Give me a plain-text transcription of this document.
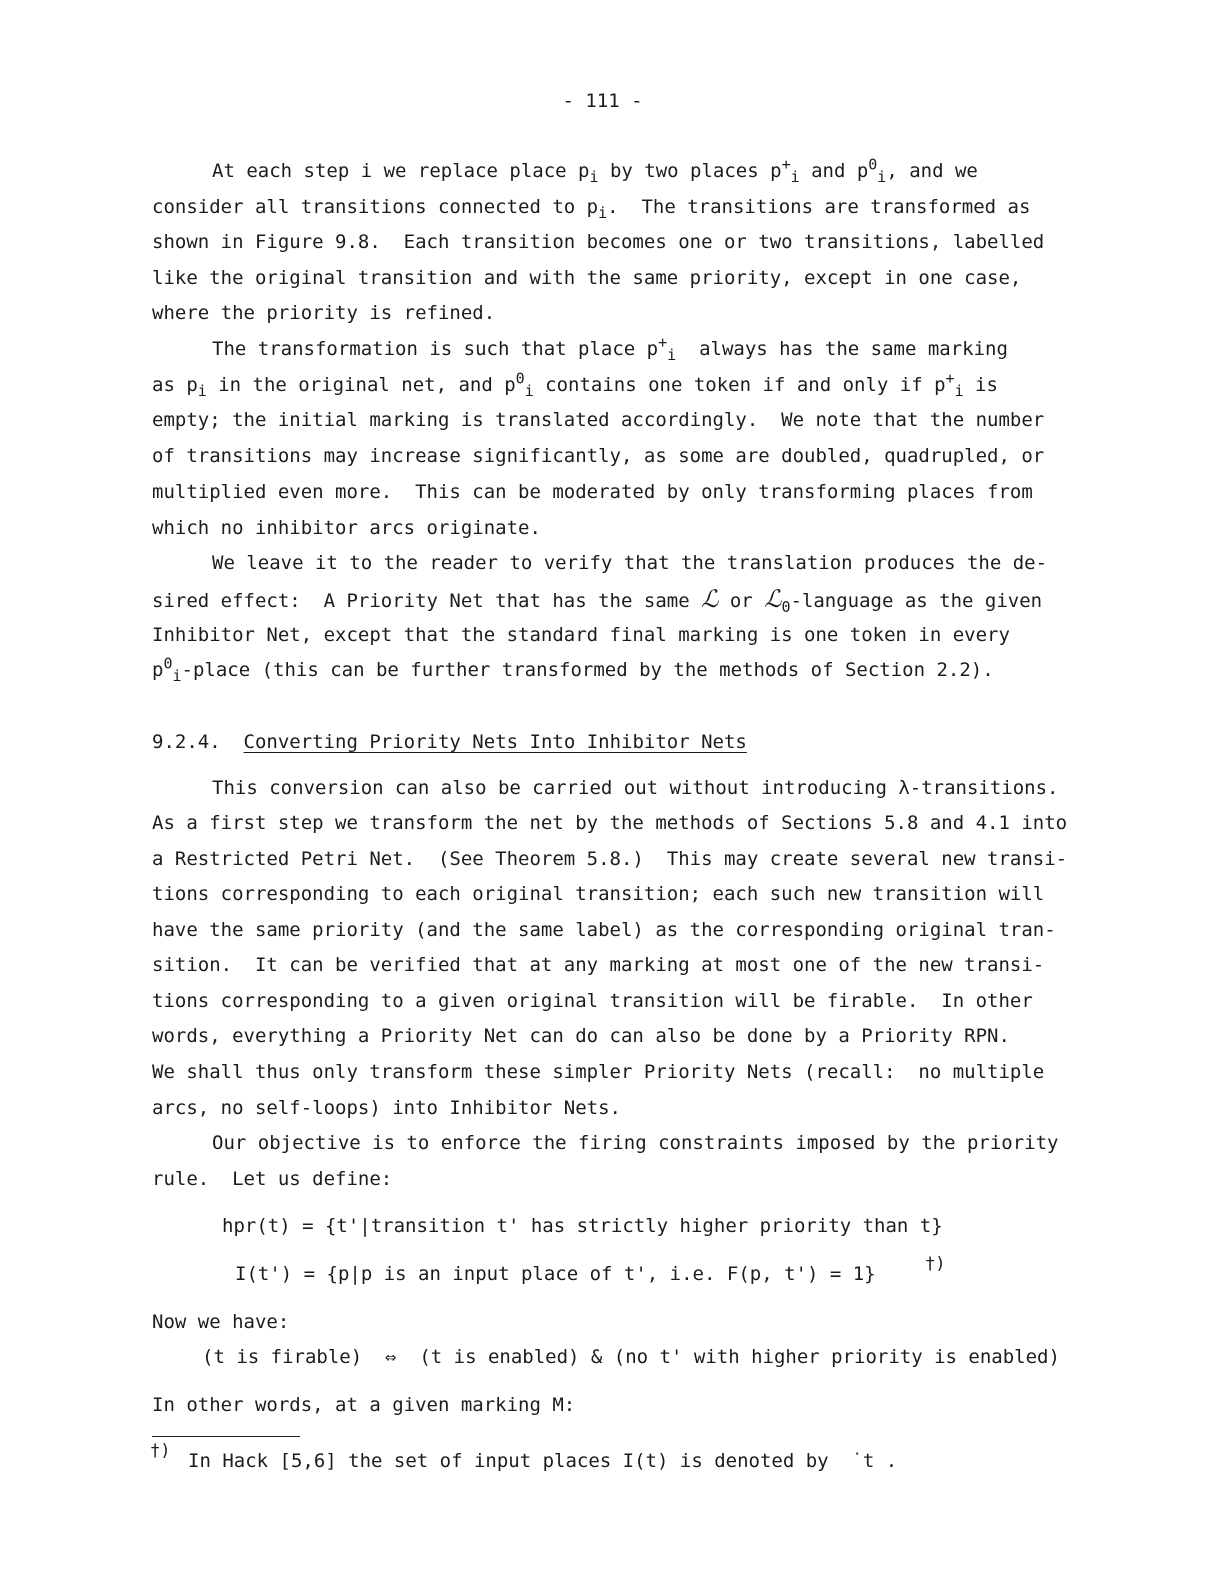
- 111 -
At each step i we replace place $p_i$ by two places $p^+_i$ and $p^0_i$, and we
consider all transitions connected to $p_i$.  The transitions are transformed as
shown in Figure 9.8.  Each transition becomes one or two transitions, labelled
like the original transition and with the same priority, except in one case,
where the priority is refined.
The transformation is such that place $p^+_i$  always has the same marking
as $p_i$ in the original net, and $p^0_i$ contains one token if and only if $p^+_i$ is
empty; the initial marking is translated accordingly.  We note that the number
of transitions may increase significantly, as some are doubled, quadrupled, or
multiplied even more.  This can be moderated by only transforming places from
which no inhibitor arcs originate.
We leave it to the reader to verify that the translation produces the de-
sired effect:  A Priority Net that has the same ℒ or ℒ$_0$-language as the given
Inhibitor Net, except that the standard final marking is one token in every
$p^0_i$-place (this can be further transformed by the methods of Section 2.2).
9.2.4. Converting Priority Nets Into Inhibitor Nets
This conversion can also be carried out without introducing λ-transitions.
As a first step we transform the net by the methods of Sections 5.8 and 4.1 into
a Restricted Petri Net.  (See Theorem 5.8.)  This may create several new transi-
tions corresponding to each original transition; each such new transition will
have the same priority (and the same label) as the corresponding original tran-
sition.  It can be verified that at any marking at most one of the new transi-
tions corresponding to a given original transition will be firable.  In other
words, everything a Priority Net can do can also be done by a Priority RPN.
We shall thus only transform these simpler Priority Nets (recall:  no multiple
arcs, no self-loops) into Inhibitor Nets.
Our objective is to enforce the firing constraints imposed by the priority
rule.  Let us define:
hpr(t) = {t'|transition t' has strictly higher priority than t}
I(t') = {p|p is an input place of t', i.e. F(p, t') = 1}	†)
Now we have:
(t is firable)  ⇔  (t is enabled) & (no t' with higher priority is enabled)
In other words, at a given marking M:
†) In Hack [5,6] the set of input places I(t) is denoted by  ˙t .
